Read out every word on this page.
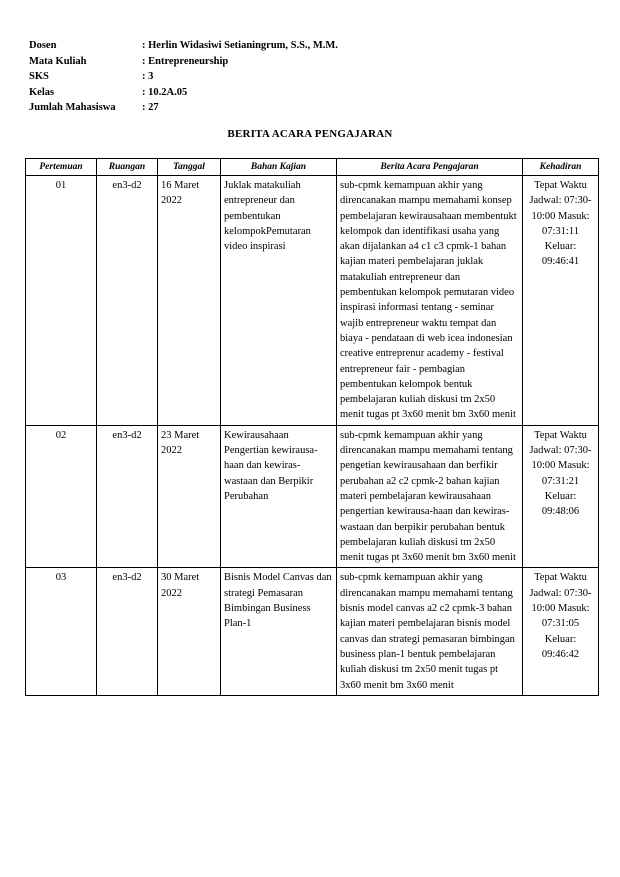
Dosen	: Herlin Widasiwi Setianingrum, S.S., M.M.
Mata Kuliah	: Entrepreneurship
SKS	: 3
Kelas	: 10.2A.05
Jumlah Mahasiswa	: 27
BERITA ACARA PENGAJARAN
Pertemuan	Ruangan	Tanggal	Bahan Kajian	Berita Acara Pengajaran	Kehadiran
01	en3-d2	16 Maret 2022	Juklak matakuliah entrepreneur dan pembentukan kelompokPemutaran video inspirasi	sub-cpmk kemampuan akhir yang direncanakan mampu memahami konsep pembelajaran kewirausahaan membentukt kelompok dan identifikasi usaha yang akan dijalankan a4 c1 c3 cpmk-1 bahan kajian materi pembelajaran juklak matakuliah entrepreneur dan pembentukan kelompok pemutaran video inspirasi informasi tentang - seminar wajib entrepreneur waktu tempat dan biaya - pendataan di web icea indonesian creative entreprenur academy - festival entrepreneur fair - pembagian pembentukan kelompok bentuk pembelajaran kuliah diskusi tm 2x50 menit tugas pt 3x60 menit bm 3x60 menit	Tepat Waktu Jadwal: 07:30-10:00 Masuk: 07:31:11 Keluar: 09:46:41
02	en3-d2	23 Maret 2022	Kewirausahaan Pengertian kewirausa-haan dan kewiras-wastaan dan Berpikir Perubahan	sub-cpmk kemampuan akhir yang direncanakan mampu memahami tentang pengetian kewirausahaan dan berfikir perubahan a2 c2 cpmk-2 bahan kajian materi pembelajaran kewirausahaan pengertian kewirausa-haan dan kewiras-wastaan dan berpikir perubahan bentuk pembelajaran kuliah diskusi tm 2x50 menit tugas pt 3x60 menit bm 3x60 menit	Tepat Waktu Jadwal: 07:30-10:00 Masuk: 07:31:21 Keluar: 09:48:06
03	en3-d2	30 Maret 2022	Bisnis Model Canvas dan strategi Pemasaran Bimbingan Business Plan-1	sub-cpmk kemampuan akhir yang direncanakan mampu memahami tentang bisnis model canvas a2 c2 cpmk-3 bahan kajian materi pembelajaran bisnis model canvas dan strategi pemasaran bimbingan business plan-1 bentuk pembelajaran kuliah diskusi tm 2x50 menit tugas pt 3x60 menit bm 3x60 menit	Tepat Waktu Jadwal: 07:30-10:00 Masuk: 07:31:05 Keluar: 09:46:42
